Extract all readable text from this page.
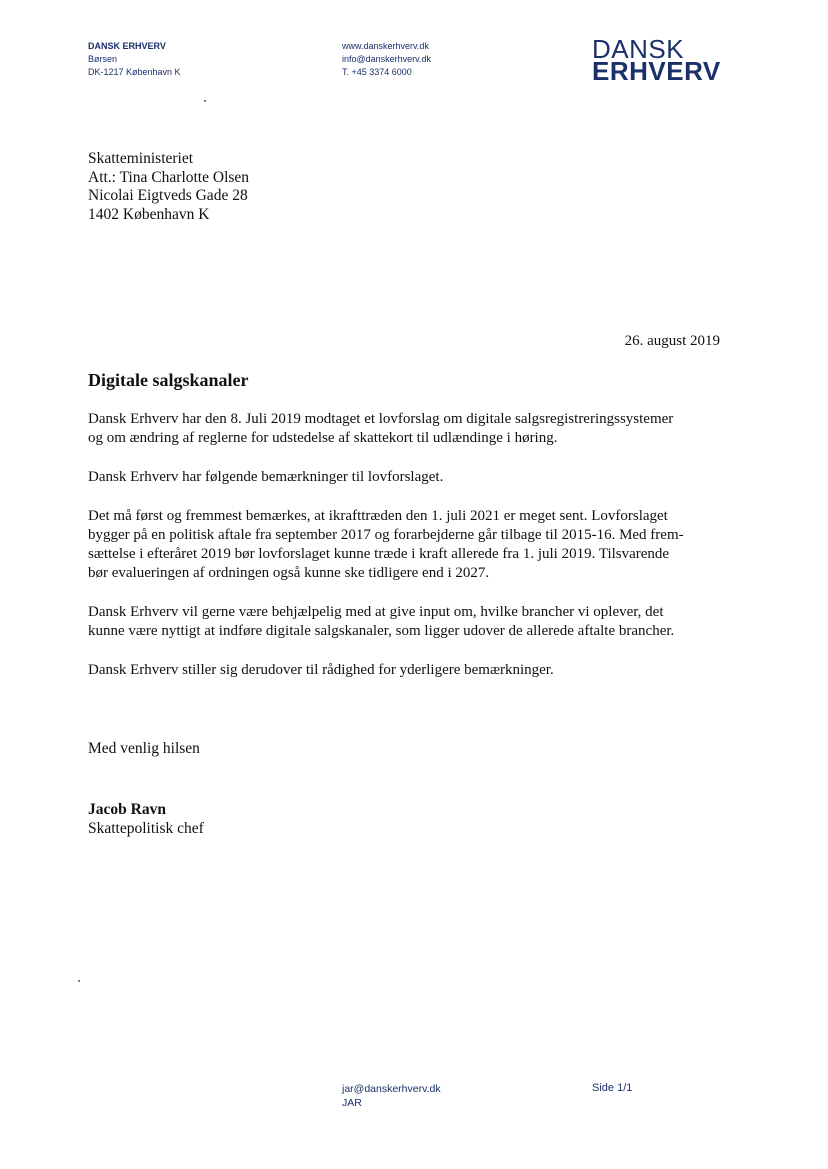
DANSK ERHVERV
Børsen
DK-1217 København K
www.danskerhverv.dk
info@danskerhverv.dk
T. +45 3374 6000
DANSK
ERHVERV
Skatteministeriet
Att.: Tina Charlotte Olsen
Nicolai Eigtveds Gade 28
1402 København K
26. august 2019
Digitale salgskanaler

Dansk Erhverv har den 8. Juli 2019 modtaget et lovforslag om digitale salgsregistreringssystemer
og om ændring af reglerne for udstedelse af skattekort til udlændinge i høring.

Dansk Erhverv har følgende bemærkninger til lovforslaget.

Det må først og fremmest bemærkes, at ikrafttræden den 1. juli 2021 er meget sent. Lovforslaget
bygger på en politisk aftale fra september 2017 og forarbejderne går tilbage til 2015-16. Med frem-
sættelse i efteråret 2019 bør lovforslaget kunne træde i kraft allerede fra 1. juli 2019. Tilsvarende
bør evalueringen af ordningen også kunne ske tidligere end i 2027.

Dansk Erhverv vil gerne være behjælpelig med at give input om, hvilke brancher vi oplever, det
kunne være nyttigt at indføre digitale salgskanaler, som ligger udover de allerede aftalte brancher.

Dansk Erhverv stiller sig derudover til rådighed for yderligere bemærkninger.

Med venlig hilsen
Jacob Ravn
Skattepolitisk chef
jar@danskerhverv.dk
JAR
Side 1/1
